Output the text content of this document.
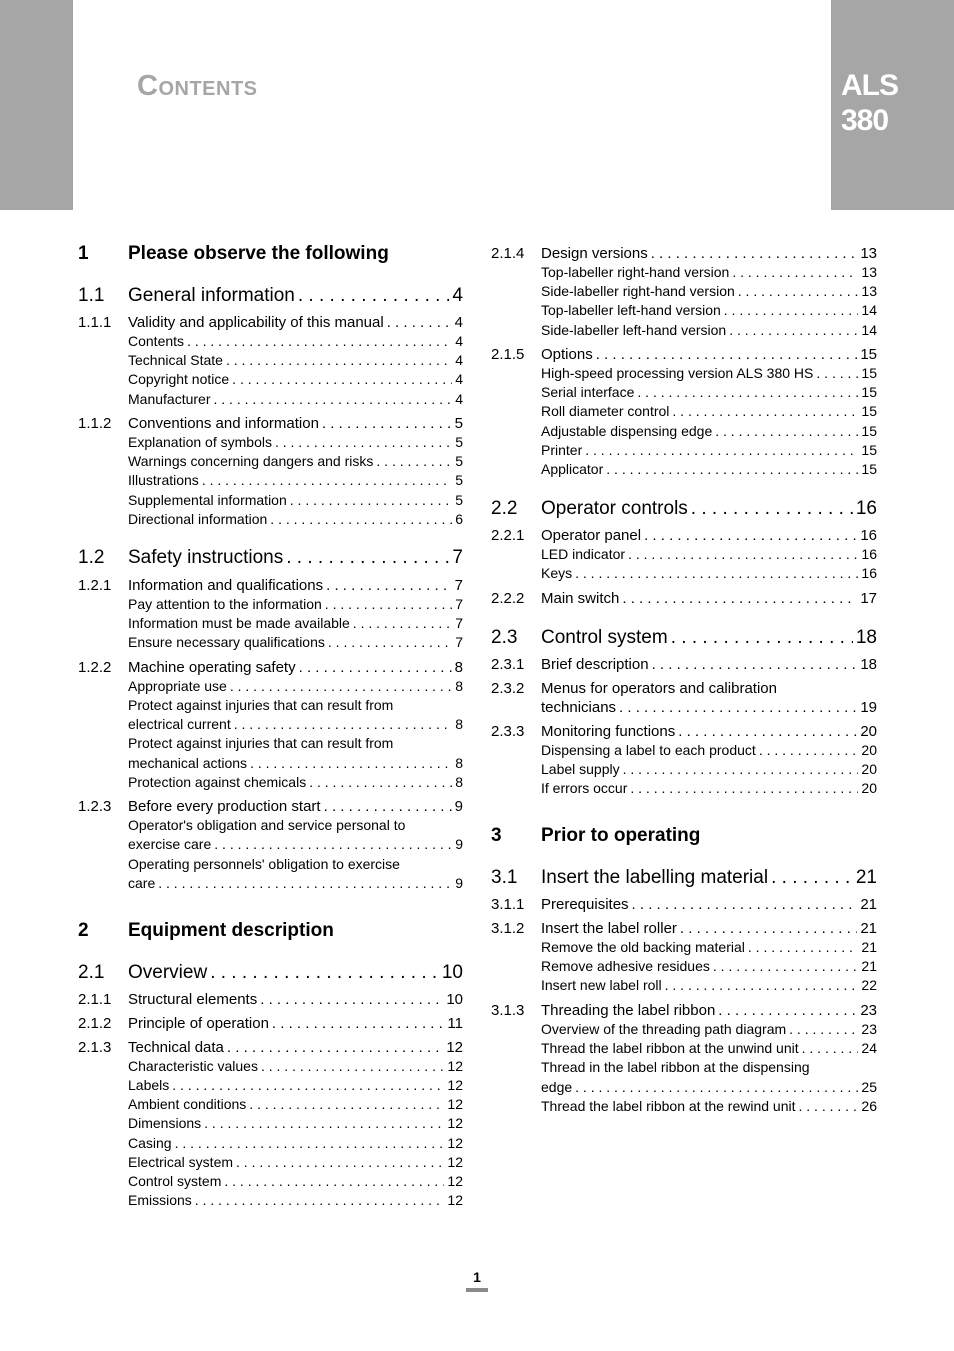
CONTENTS	ALS
380
1 Please observe the following
1.1 General information . . .	4
1.1.1 Validity and applicability of this manual . . .	4
Contents . . .	4
Technical State . . .	4
Copyright notice . . .	4
Manufacturer . . .	4
1.1.2 Conventions and information . . .	5
Explanation of symbols . . .	5
Warnings concerning dangers and risks . . .	5
Illustrations . . .	5
Supplemental information . . .	5
Directional information . . .	6
1.2 Safety instructions . . .	7
1.2.1 Information and qualifications . . .	7
Pay attention to the information . . .	7
Information must be made available . . .	7
Ensure necessary qualifications . . .	7
1.2.2 Machine operating safety . . .	8
Appropriate use . . .	8
Protect against injuries that can result from
electrical current . . .	8
Protect against injuries that can result from
mechanical actions . . .	8
Protection against chemicals . . .	8
1.2.3 Before every production start . . .	9
Operator's obligation and service personal to
exercise care . . .	9
Operating personnels' obligation to exercise
care . . .	9
2 Equipment description
2.1 Overview . . .	10
2.1.1 Structural elements . . .	10
2.1.2 Principle of operation . . .	11
2.1.3 Technical data . . .	12
Characteristic values . . .	12
Labels . . .	12
Ambient conditions . . .	12
Dimensions . . .	12
Casing . . .	12
Electrical system . . .	12
Control system . . .	12
Emissions . . .	12
2.1.4 Design versions . . .	13
Top-labeller right-hand version . . .	13
Side-labeller right-hand version . . .	13
Top-labeller left-hand version . . .	14
Side-labeller left-hand version . . .	14
2.1.5 Options . . .	15
High-speed processing version ALS 380 HS . . .	15
Serial interface . . .	15
Roll diameter control . . .	15
Adjustable dispensing edge . . .	15
Printer . . .	15
Applicator . . .	15
2.2 Operator controls . . .	16
2.2.1 Operator panel . . .	16
LED indicator . . .	16
Keys . . .	16
2.2.2 Main switch . . .	17
2.3 Control system . . .	18
2.3.1 Brief description . . .	18
2.3.2 Menus for operators and calibration
technicians . . .	19
2.3.3 Monitoring functions . . .	20
Dispensing a label to each product . . .	20
Label supply . . .	20
If errors occur . . .	20
3 Prior to operating
3.1 Insert the labelling material . . .	21
3.1.1 Prerequisites . . .	21
3.1.2 Insert the label roller . . .	21
Remove the old backing material . . .	21
Remove adhesive residues . . .	21
Insert new label roll . . .	22
3.1.3 Threading the label ribbon . . .	23
Overview of the threading path diagram . . .	23
Thread the label ribbon at the unwind unit . . .	24
Thread in the label ribbon at the dispensing
edge . . .	25
Thread the label ribbon at the rewind unit . . .	26
1
